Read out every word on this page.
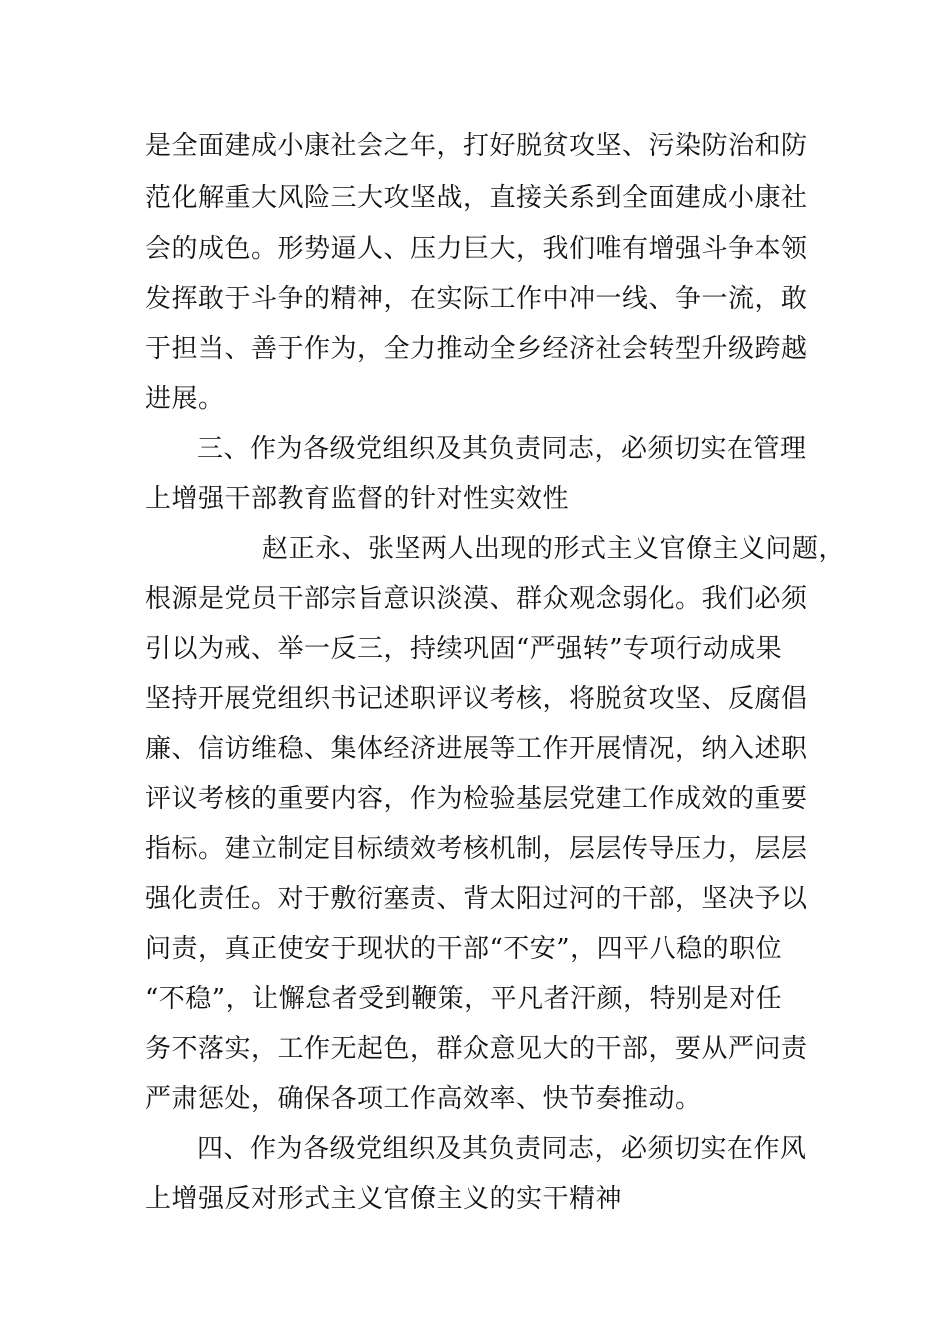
是全面建成小康社会之年，打好脱贫攻坚、污染防治和防
范化解重大风险三大攻坚战，直接关系到全面建成小康社
会的成色。形势逼人、压力巨大，我们唯有增强斗争本领
发挥敢于斗争的精神，在实际工作中冲一线、争一流，敢
于担当、善于作为，全力推动全乡经济社会转型升级跨越
进展。
三、作为各级党组织及其负责同志，必须切实在管理
上增强干部教育监督的针对性实效性
赵正永、张坚两人出现的形式主义官僚主义问题，
根源是党员干部宗旨意识淡漠、群众观念弱化。我们必须
引以为戒、举一反三，持续巩固“严强转”专项行动成果
坚持开展党组织书记述职评议考核，将脱贫攻坚、反腐倡
廉、信访维稳、集体经济进展等工作开展情况，纳入述职
评议考核的重要内容，作为检验基层党建工作成效的重要
指标。建立制定目标绩效考核机制，层层传导压力，层层
强化责任。对于敷衍塞责、背太阳过河的干部，坚决予以
问责，真正使安于现状的干部“不安”，四平八稳的职位
“不稳”，让懈怠者受到鞭策，平凡者汗颜，特别是对任
务不落实，工作无起色，群众意见大的干部，要从严问责
严肃惩处，确保各项工作高效率、快节奏推动。
四、作为各级党组织及其负责同志，必须切实在作风
上增强反对形式主义官僚主义的实干精神
